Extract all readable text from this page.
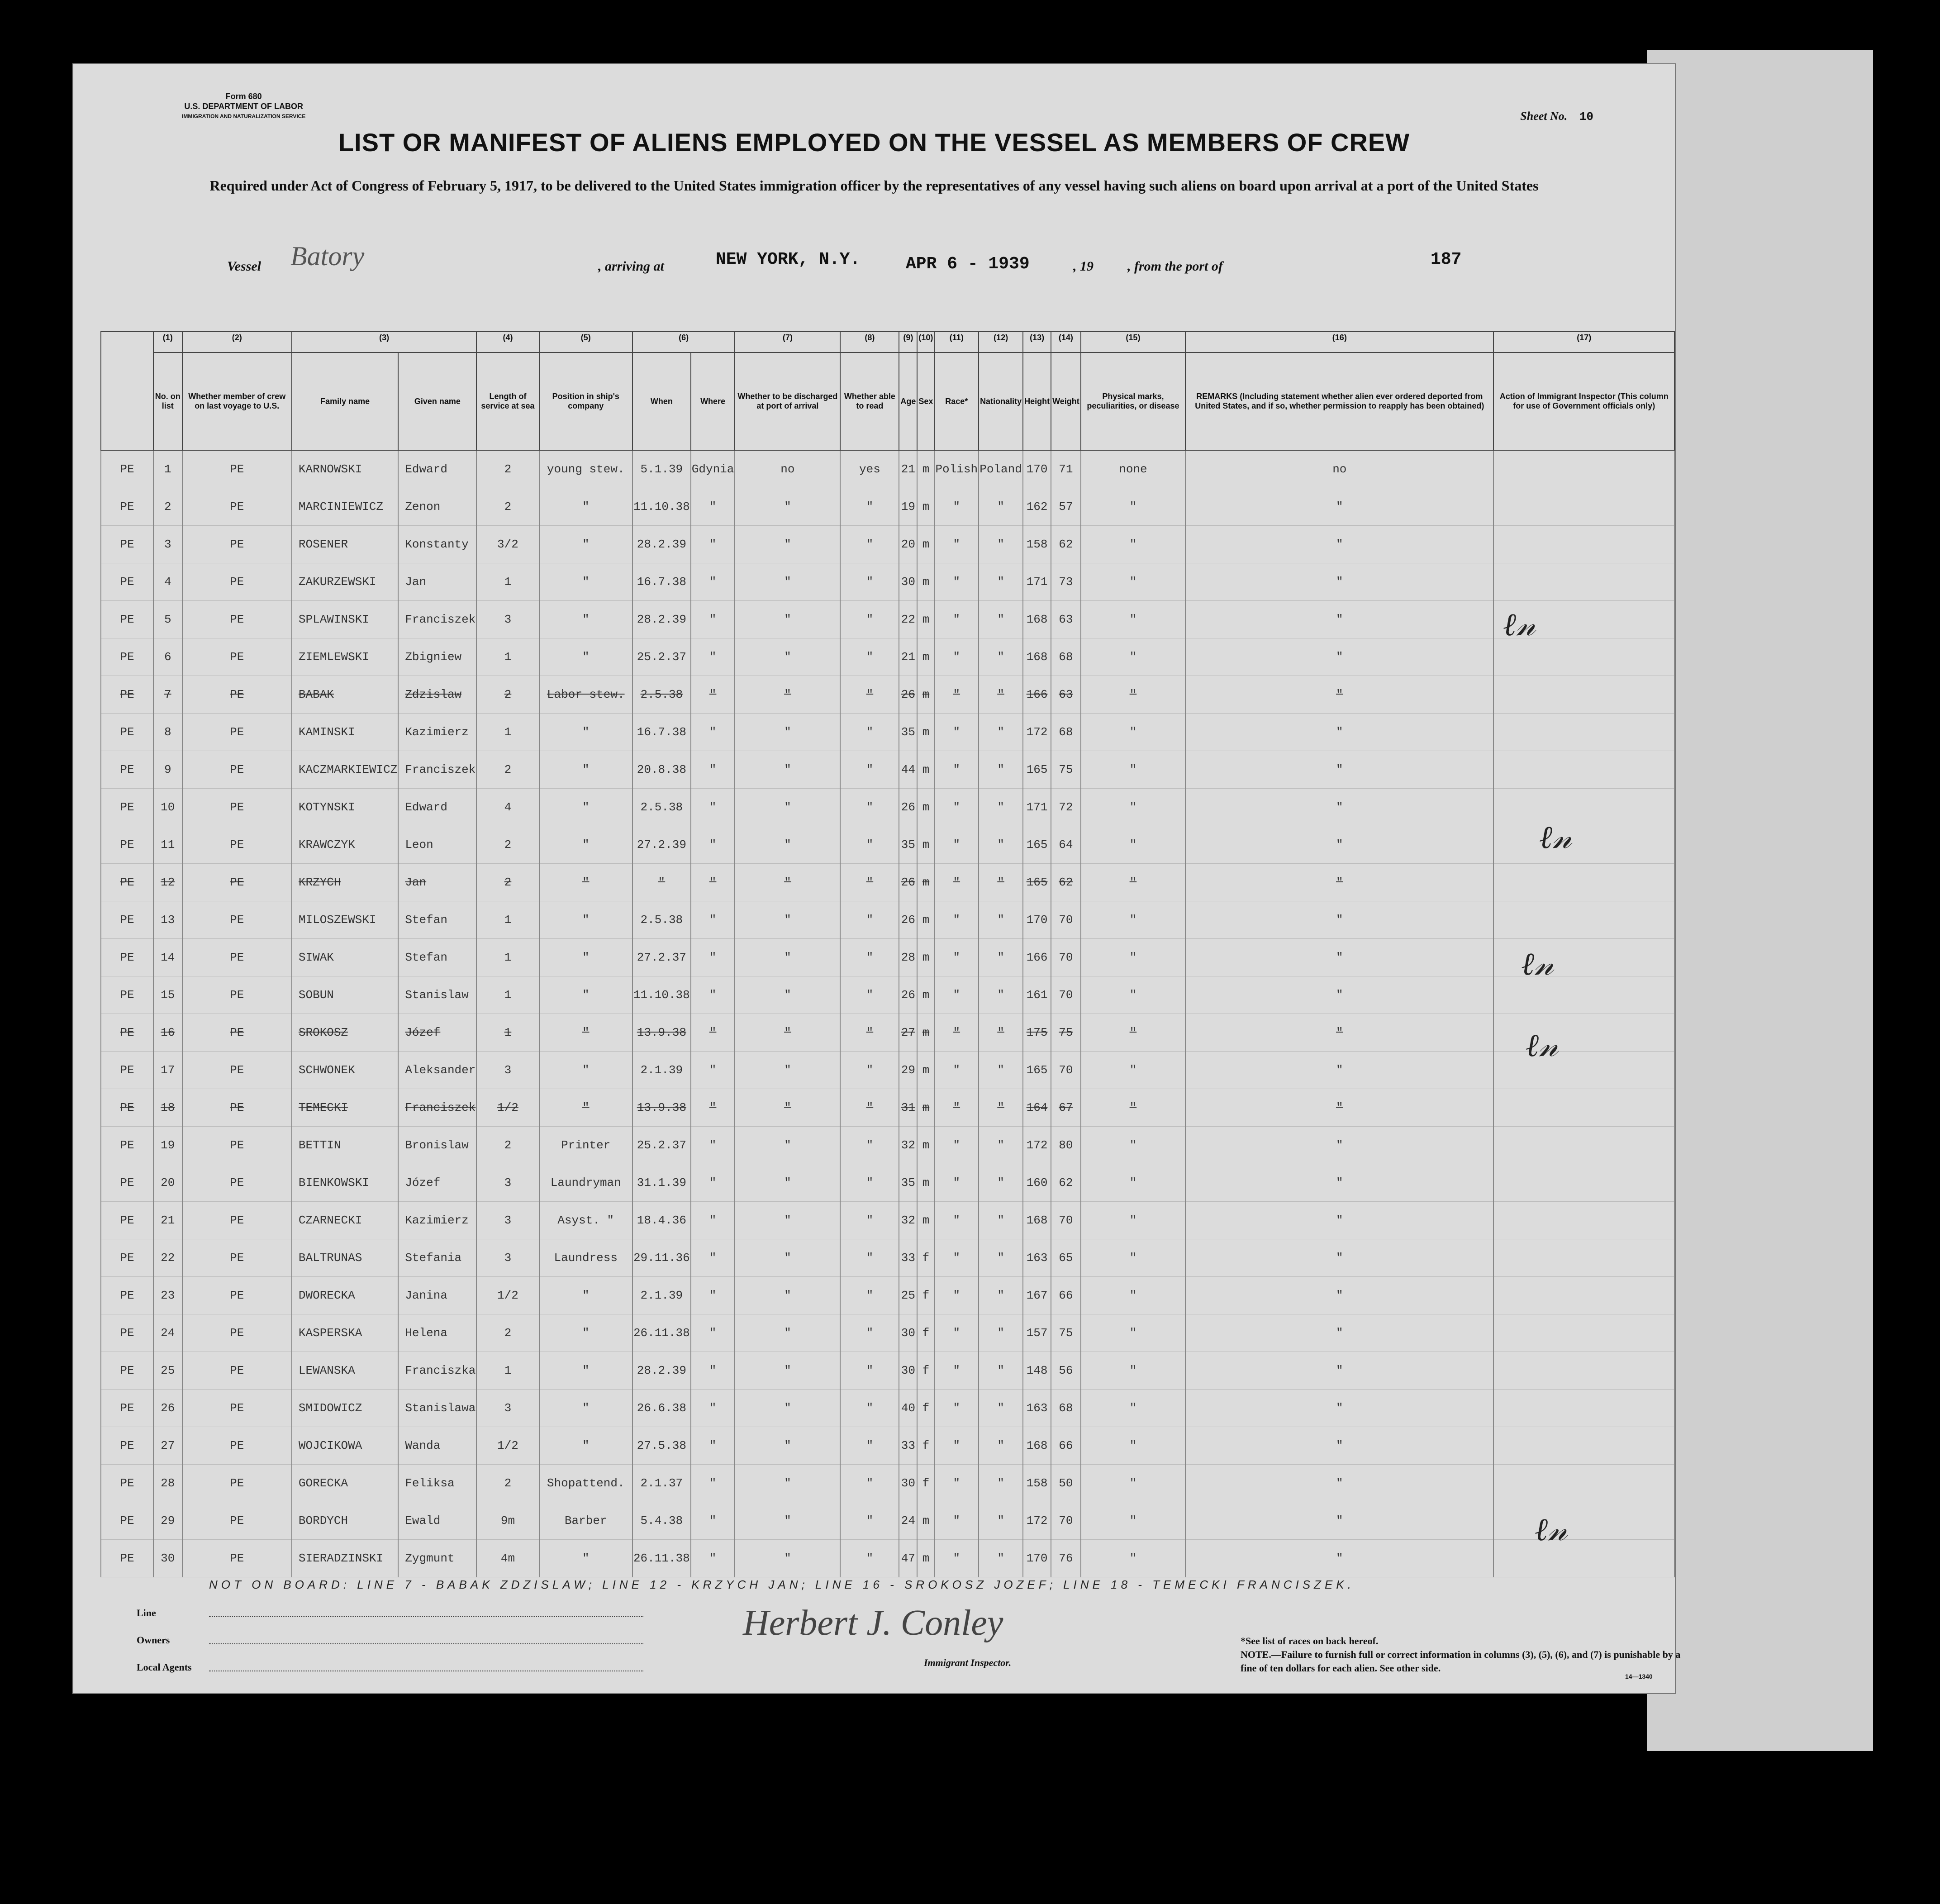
Form 680
U.S. DEPARTMENT OF LABOR
IMMIGRATION AND NATURALIZATION SERVICE	Sheet No. 10
LIST OR MANIFEST OF ALIENS EMPLOYED ON THE VESSEL AS MEMBERS OF CREW
Required under Act of Congress of February 5, 1917, to be delivered to the United States immigration officer by the representatives of any vessel having such aliens on board upon arrival at a port of the United States
Vessel Batory	, arriving at	NEW YORK, N.Y.	APR 6 - 1939	, 19	, from the port of	187
	(1)	(2)	(3)		(4)	(5)	(6)		(7)	(8)	(9)	(10)	(11)	(12)	(13)	(14)	(15)	(16)	(17)
	No. on list	Whether member of crew on last voyage to U.S.	Family name	Given name	Length of service at sea	Position in ship's company	When	Where	Whether to be discharged at port of arrival	Whether able to read	Age	Sex	Race*	Nationality	Height	Weight	Physical marks, peculiarities, or disease	REMARKS (Including statement whether alien ever ordered deported from United States, and if so, whether permission to reapply has been obtained)	Action of Immigrant Inspector (This column for use of Government officials only)
PE	1	PE	KARNOWSKI	Edward	2	young stew.	5.1.39	Gdynia	no	yes	21	m	Polish	Poland	170	71	none	no	
PE	2	PE	MARCINIEWICZ	Zenon	2	"	11.10.38	"	"	"	19	m	"	"	162	57	"	"	
PE	3	PE	ROSENER	Konstanty	3/2	"	28.2.39	"	"	"	20	m	"	"	158	62	"	"	
PE	4	PE	ZAKURZEWSKI	Jan	1	"	16.7.38	"	"	"	30	m	"	"	171	73	"	"	
PE	5	PE	SPLAWINSKI	Franciszek	3	"	28.2.39	"	"	"	22	m	"	"	168	63	"	"	
PE	6	PE	ZIEMLEWSKI	Zbigniew	1	"	25.2.37	"	"	"	21	m	"	"	168	68	"	"	
PE	7	PE	BABAK	Zdzislaw	2	Labor stew.	2.5.38	"	"	"	26	m	"	"	166	63	"	"	
PE	8	PE	KAMINSKI	Kazimierz	1	"	16.7.38	"	"	"	35	m	"	"	172	68	"	"	
PE	9	PE	KACZMARKIEWICZ	Franciszek	2	"	20.8.38	"	"	"	44	m	"	"	165	75	"	"	
PE	10	PE	KOTYNSKI	Edward	4	"	2.5.38	"	"	"	26	m	"	"	171	72	"	"	
PE	11	PE	KRAWCZYK	Leon	2	"	27.2.39	"	"	"	35	m	"	"	165	64	"	"	
PE	12	PE	KRZYCH	Jan	2	"	"	"	"	"	26	m	"	"	165	62	"	"	
PE	13	PE	MILOSZEWSKI	Stefan	1	"	2.5.38	"	"	"	26	m	"	"	170	70	"	"	
PE	14	PE	SIWAK	Stefan	1	"	27.2.37	"	"	"	28	m	"	"	166	70	"	"	
PE	15	PE	SOBUN	Stanislaw	1	"	11.10.38	"	"	"	26	m	"	"	161	70	"	"	
PE	16	PE	SROKOSZ	Józef	1	"	13.9.38	"	"	"	27	m	"	"	175	75	"	"	
PE	17	PE	SCHWONEK	Aleksander	3	"	2.1.39	"	"	"	29	m	"	"	165	70	"	"	
PE	18	PE	TEMECKI	Franciszek	1/2	"	13.9.38	"	"	"	31	m	"	"	164	67	"	"	
PE	19	PE	BETTIN	Bronislaw	2	Printer	25.2.37	"	"	"	32	m	"	"	172	80	"	"	
PE	20	PE	BIENKOWSKI	Józef	3	Laundryman	31.1.39	"	"	"	35	m	"	"	160	62	"	"	
PE	21	PE	CZARNECKI	Kazimierz	3	Asyst. "	18.4.36	"	"	"	32	m	"	"	168	70	"	"	
PE	22	PE	BALTRUNAS	Stefania	3	Laundress	29.11.36	"	"	"	33	f	"	"	163	65	"	"	
PE	23	PE	DWORECKA	Janina	1/2	"	2.1.39	"	"	"	25	f	"	"	167	66	"	"	
PE	24	PE	KASPERSKA	Helena	2	"	26.11.38	"	"	"	30	f	"	"	157	75	"	"	
PE	25	PE	LEWANSKA	Franciszka	1	"	28.2.39	"	"	"	30	f	"	"	148	56	"	"	
PE	26	PE	SMIDOWICZ	Stanislawa	3	"	26.6.38	"	"	"	40	f	"	"	163	68	"	"	
PE	27	PE	WOJCIKOWA	Wanda	1/2	"	27.5.38	"	"	"	33	f	"	"	168	66	"	"	
PE	28	PE	GORECKA	Feliksa	2	Shopattend.	2.1.37	"	"	"	30	f	"	"	158	50	"	"	
PE	29	PE	BORDYCH	Ewald	9m	Barber	5.4.38	"	"	"	24	m	"	"	172	70	"	"	
PE	30	PE	SIERADZINSKI	Zygmunt	4m	"	26.11.38	"	"	"	47	m	"	"	170	76	"	"	
NOT ON BOARD: LINE 7 - BABAK ZDZISLAW; LINE 12 - KRZYCH JAN; LINE 16 - SROKOSZ JOZEF; LINE 18 - TEMECKI FRANCISZEK.
Line
Owners
Local Agents
Herbert J. Conley
Immigrant Inspector.
*See list of races on back hereof.
NOTE.—Failure to furnish full or correct information in columns (3), (5), (6), and (7) is punishable by a fine of ten dollars for each alien. See other side.
14—1340
ℓ𝓃
ℓ𝓃
ℓ𝓃
ℓ𝓃
ℓ𝓃
